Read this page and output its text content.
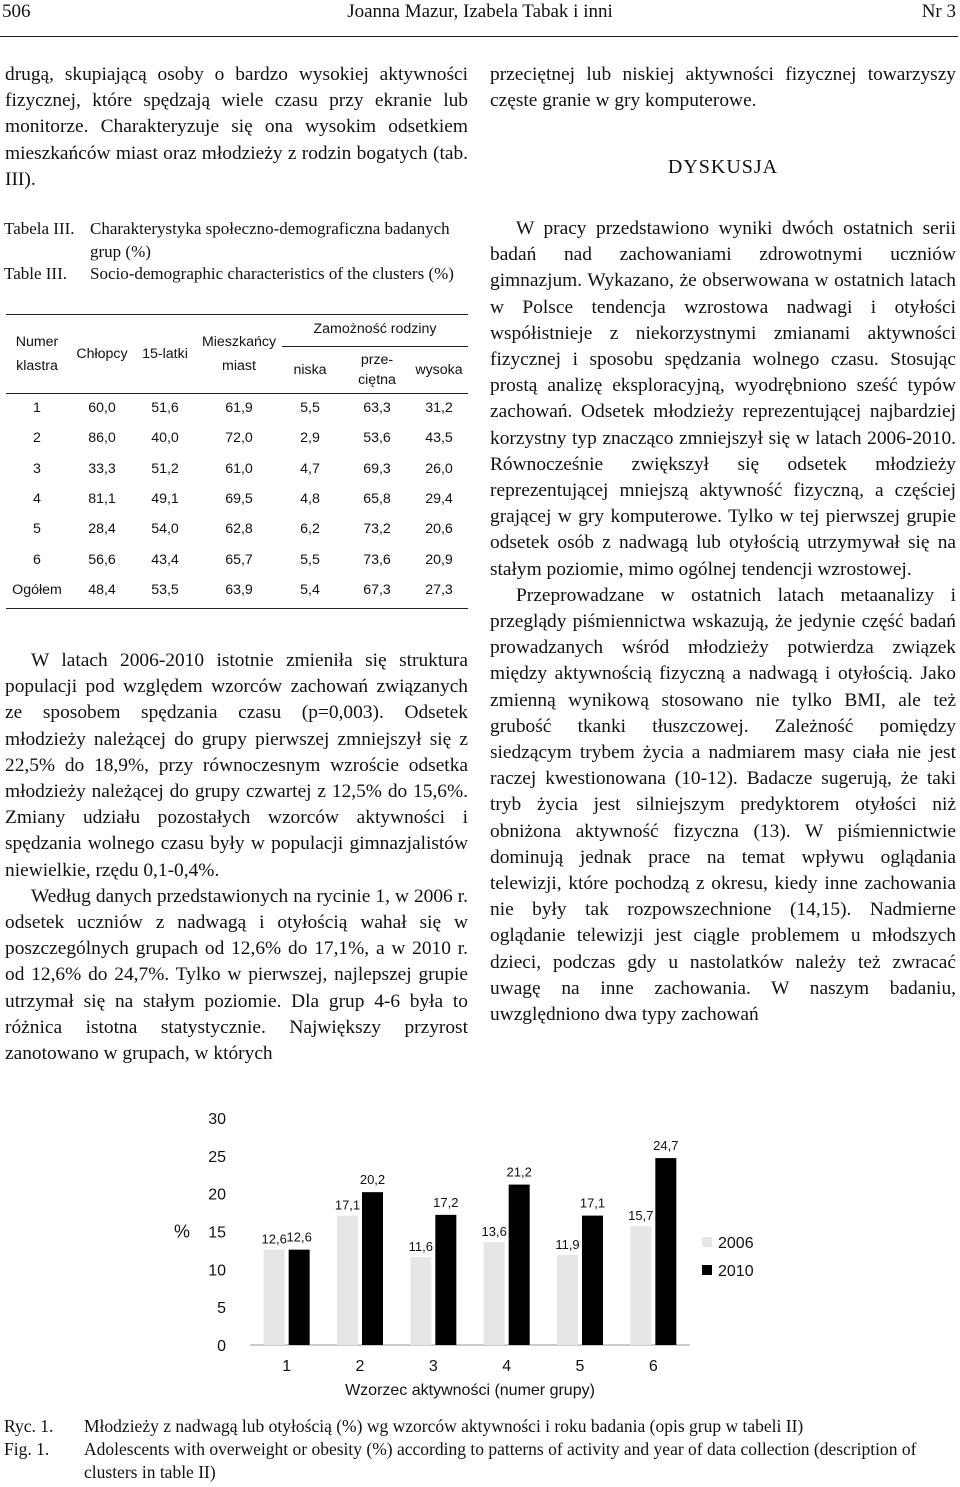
Joanna Mazur, Izabela Tabak i inni
506	Nr 3

drugą, skupiającą osoby o bardzo wysokiej aktywności fizycznej, które spędzają wiele czasu przy ekranie lub monitorze. Charakteryzuje się ona wysokim odsetkiem mieszkańców miast oraz młodzieży z rodzin bogatych (tab. III).

przeciętnej lub niskiej aktywności fizycznej towarzyszy częste granie w gry komputerowe.

DYSKUSJA
Tabela III. Charakterystyka społeczno-demograficzna badanych grup (%)
Table III.	Socio-demographic characteristics of the clusters (%)
Numer
klastra
Chłopcy	15-latki
Mieszkańcy
miast
Zamożność rodziny
niska
prze-
ciętna
wysoka
1	60,0	51,6	61,9	5,5	63,3	31,2
2	86,0	40,0	72,0	2,9	53,6	43,5
3	33,3	51,2	61,0	4,7	69,3	26,0
4	81,1	49,1	69,5	4,8	65,8	29,4
5	28,4	54,0	62,8	6,2	73,2	20,6
6	56,6	43,4	65,7	5,5	73,6	20,9
Ogółem	48,4	53,5	63,9	5,4	67,3	27,3

W latach 2006-2010 istotnie zmieniła się struktura populacji pod względem wzorców zachowań związanych ze sposobem spędzania czasu (p=0,003). Odsetek młodzieży należącej do grupy pierwszej zmniejszył się z 22,5% do 18,9%, przy równoczesnym wzroście odsetka młodzieży należącej do grupy czwartej z 12,5% do 15,6%. Zmiany udziału pozostałych wzorców aktywności i spędzania wolnego czasu były w populacji gimnazjalistów niewielkie, rzędu 0,1-0,4%.

Według danych przedstawionych na rycinie 1, w 2006 r. odsetek uczniów z nadwagą i otyłością wahał się w poszczególnych grupach od 12,6% do 17,1%, a w 2010 r. od 12,6% do 24,7%. Tylko w pierwszej, najlepszej grupie utrzymał się na stałym poziomie. Dla grup 4-6 była to różnica istotna statystycznie. Największy przyrost zanotowano w grupach, w których

W pracy przedstawiono wyniki dwóch ostatnich serii badań nad zachowaniami zdrowotnymi uczniów gimnazjum. Wykazano, że obserwowana w ostatnich latach w Polsce tendencja wzrostowa nadwagi i otyłości współistnieje z niekorzystnymi zmianami aktywności fizycznej i sposobu spędzania wolnego czasu. Stosując prostą analizę eksploracyjną, wyodrębniono sześć typów zachowań. Odsetek młodzieży reprezentującej najbardziej korzystny typ znacząco zmniejszył się w latach 2006-2010. Równocześnie zwiększył się odsetek młodzieży reprezentującej mniejszą aktywność fizyczną, a częściej grającej w gry komputerowe. Tylko w tej pierwszej grupie odsetek osób z nadwagą lub otyłością utrzymywał się na stałym poziomie, mimo ogólnej tendencji wzrostowej.

Przeprowadzane w ostatnich latach metaanalizy i przeglądy piśmiennictwa wskazują, że jedynie część badań prowadzanych wśród młodzieży potwierdza związek między aktywnością fizyczną a nadwagą i otyłością. Jako zmienną wynikową stosowano nie tylko BMI, ale też grubość tkanki tłuszczowej. Zależność pomiędzy siedzącym trybem życia a nadmiarem masy ciała nie jest raczej kwestionowana (10-12). Badacze sugerują, że taki tryb życia jest silniejszym predyktorem otyłości niż obniżona aktywność fizyczna (13). W piśmiennictwie dominują jednak prace na temat wpływu oglądania telewizji, które pochodzą z okresu, kiedy inne zachowania nie były tak rozpowszechnione (14,15). Nadmierne oglądanie telewizji jest ciągle problemem u młodszych dzieci, podczas gdy u nastolatków należy też zwracać uwagę na inne zachowania. W naszym badaniu, uwzględniono dwa typy zachowań

0
5
10
15
20
25
30
%	12,6 12,6
1
17,1
20,2
2
11,6
17,2
3
13,6
21,2
4
11,9
17,1
5
15,7
24,7
6
Wzorzec aktywności (numer grupy)
2006
2010
Ryc. 1.	Młodzieży z nadwagą lub otyłością (%) wg wzorców aktywności i roku badania (opis grup w tabeli II)
Fig. 1.	Adolescents with overweight or obesity (%) according to patterns of activity and year of data collection (description of clusters in table II)
